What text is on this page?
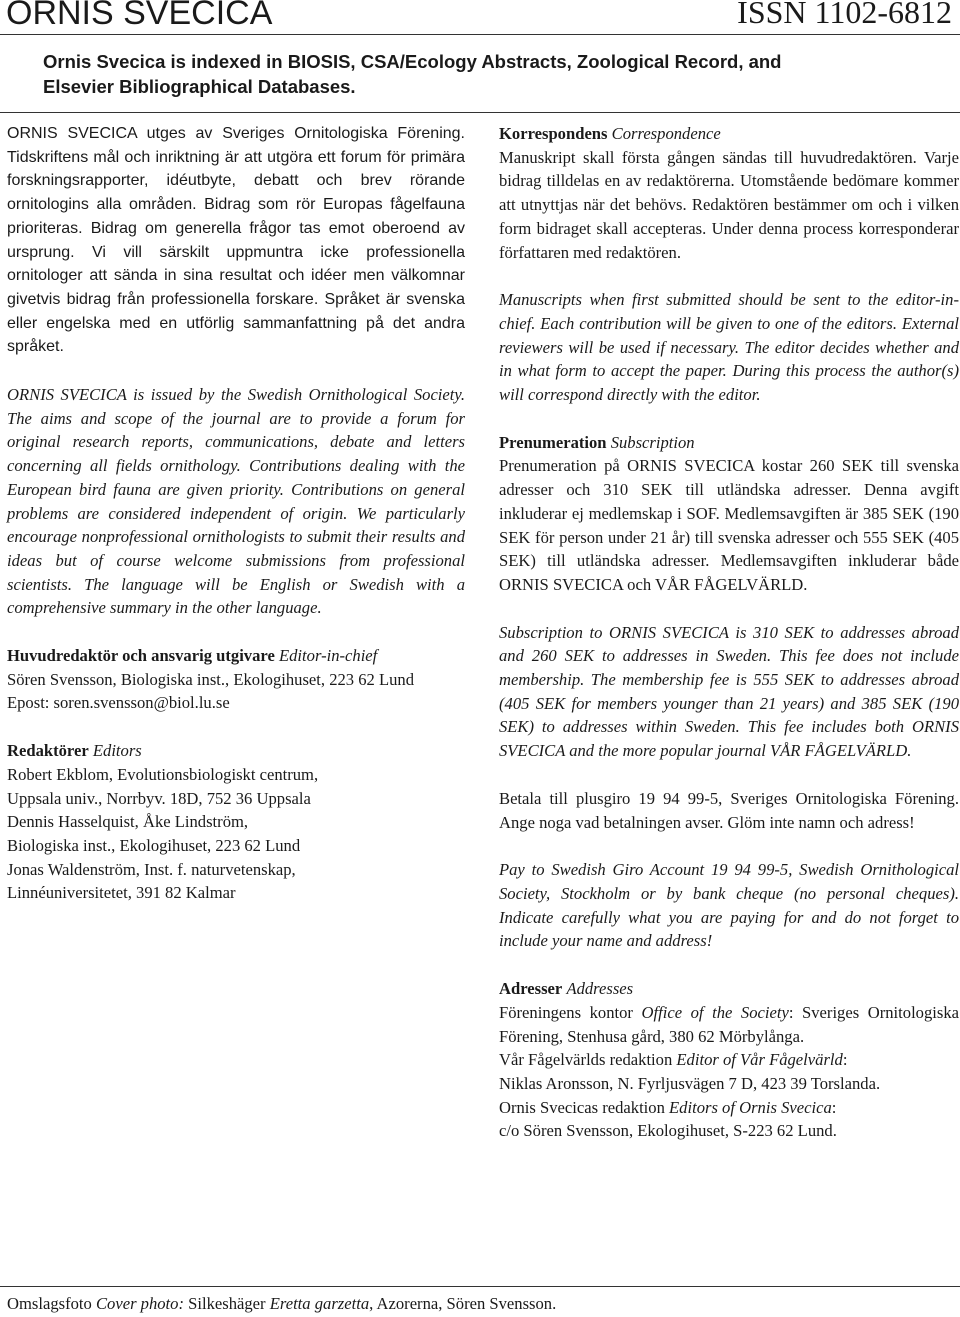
ORNIS SVECICA	ISSN 1102-6812
Ornis Svecica is indexed in BIOSIS, CSA/Ecology Abstracts, Zoological Record, and Elsevier Bibliographical Databases.

ORNIS SVECICA utges av Sveriges Ornitologiska Förening. Tidskriftens mål och inriktning är att utgöra ett forum för primära forskningsrapporter, idéutbyte, debatt och brev rörande ornitologins alla områden. Bidrag som rör Europas fågelfauna prioriteras. Bidrag om generella frågor tas emot oberoend av ursprung. Vi vill särskilt uppmuntra icke professionella ornitologer att sända in sina resultat och idéer men välkomnar givetvis bidrag från professionella forskare. Språket är svenska eller engelska med en utförlig sammanfattning på det andra språket.

ORNIS SVECICA is issued by the Swedish Ornithological Society. The aims and scope of the journal are to provide a forum for original research reports, communications, debate and letters concerning all fields ornithology. Contributions dealing with the European bird fauna are given priority. Contributions on general problems are considered independent of origin. We particularly encourage nonprofessional ornithologists to submit their results and ideas but of course welcome submissions from professional scientists. The language will be English or Swedish with a comprehensive summary in the other language.

Huvudredaktör och ansvarig utgivare Editor-in-chief
Sören Svensson, Biologiska inst., Ekologihuset, 223 62 Lund
Epost: soren.svensson@biol.lu.se

Redaktörer Editors
Robert Ekblom, Evolutionsbiologiskt centrum,
Uppsala univ., Norrbyv. 18D, 752 36 Uppsala
Dennis Hasselquist, Åke Lindström,
Biologiska inst., Ekologihuset, 223 62 Lund
Jonas Waldenström, Inst. f. naturvetenskap,
Linnéuniversitetet, 391 82 Kalmar

Korrespondens Correspondence

Manuskript skall första gången sändas till huvudredaktören. Varje bidrag tilldelas en av redaktörerna. Utomstående bedömare kommer att utnyttjas när det behövs. Redaktören bestämmer om och i vilken form bidraget skall accepteras. Under denna process korresponderar författaren med redaktören.

Manuscripts when first submitted should be sent to the editor-in-chief. Each contribution will be given to one of the editors. External reviewers will be used if necessary. The editor decides whether and in what form to accept the paper. During this process the author(s) will correspond directly with the editor.

Prenumeration Subscription

Prenumeration på ORNIS SVECICA kostar 260 SEK till svenska adresser och 310 SEK till utländska adresser. Denna avgift inkluderar ej medlemskap i SOF. Medlemsavgiften är 385 SEK (190 SEK för person under 21 år) till svenska adresser och 555 SEK (405 SEK) till utländska adresser. Medlemsavgiften inkluderar både ORNIS SVECICA och VÅR FÅGELVÄRLD.

Subscription to ORNIS SVECICA is 310 SEK to addresses abroad and 260 SEK to addresses in Sweden. This fee does not include membership. The membership fee is 555 SEK to addresses abroad (405 SEK for members younger than 21 years) and 385 SEK (190 SEK) to addresses within Sweden. This fee includes both ORNIS SVECICA and the more popular journal VÅR FÅGELVÄRLD.

Betala till plusgiro 19 94 99-5, Sveriges Ornitologiska Förening. Ange noga vad betalningen avser. Glöm inte namn och adress!

Pay to Swedish Giro Account 19 94 99-5, Swedish Ornithological Society, Stockholm or by bank cheque (no personal cheques). Indicate carefully what you are paying for and do not forget to include your name and address!

Adresser Addresses
Föreningens kontor Office of the Society: Sveriges Ornitologiska Förening, Stenhusa gård, 380 62 Mörbylånga.
Vår Fågelvärlds redaktion Editor of Vår Fågelvärld:
Niklas Aronsson, N. Fyrljusvägen 7 D, 423 39 Torslanda.
Ornis Svecicas redaktion Editors of Ornis Svecica:
c/o Sören Svensson, Ekologihuset, S-223 62 Lund.

Omslagsfoto Cover photo: Silkeshäger Eretta garzetta, Azorerna, Sören Svensson.
